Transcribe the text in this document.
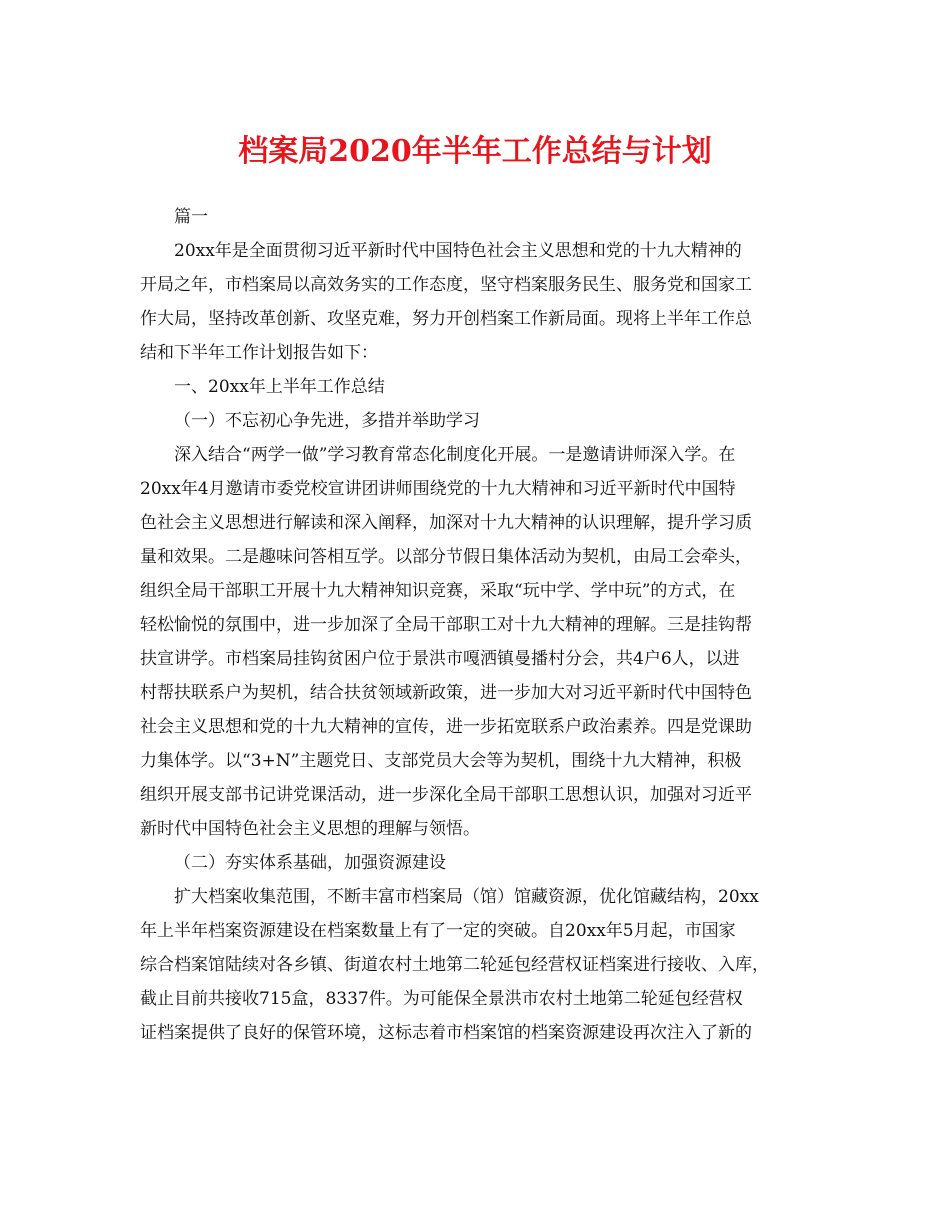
档案局2020年半年工作总结与计划
篇一
20xx年是全面贯彻习近平新时代中国特色社会主义思想和党的十九大精神的
开局之年，市档案局以高效务实的工作态度，坚守档案服务民生、服务党和国家工
作大局，坚持改革创新、攻坚克难，努力开创档案工作新局面。现将上半年工作总
结和下半年工作计划报告如下：
一、20xx年上半年工作总结
（一）不忘初心争先进，多措并举助学习
深入结合“两学一做”学习教育常态化制度化开展。一是邀请讲师深入学。在
20xx年4月邀请市委党校宣讲团讲师围绕党的十九大精神和习近平新时代中国特
色社会主义思想进行解读和深入阐释，加深对十九大精神的认识理解，提升学习质
量和效果。二是趣味问答相互学。以部分节假日集体活动为契机，由局工会牵头，
组织全局干部职工开展十九大精神知识竞赛，采取“玩中学、学中玩”的方式，在
轻松愉悦的氛围中，进一步加深了全局干部职工对十九大精神的理解。三是挂钩帮
扶宣讲学。市档案局挂钩贫困户位于景洪市嘎洒镇曼播村分会，共4户6人，以进
村帮扶联系户为契机，结合扶贫领域新政策，进一步加大对习近平新时代中国特色
社会主义思想和党的十九大精神的宣传，进一步拓宽联系户政治素养。四是党课助
力集体学。以“3+N”主题党日、支部党员大会等为契机，围绕十九大精神，积极
组织开展支部书记讲党课活动，进一步深化全局干部职工思想认识，加强对习近平
新时代中国特色社会主义思想的理解与领悟。
（二）夯实体系基础，加强资源建设
扩大档案收集范围，不断丰富市档案局（馆）馆藏资源，优化馆藏结构，20xx
年上半年档案资源建设在档案数量上有了一定的突破。自20xx年5月起，市国家
综合档案馆陆续对各乡镇、街道农村土地第二轮延包经营权证档案进行接收、入库，
截止目前共接收715盒，8337件。为可能保全景洪市农村土地第二轮延包经营权
证档案提供了良好的保管环境，这标志着市档案馆的档案资源建设再次注入了新的
